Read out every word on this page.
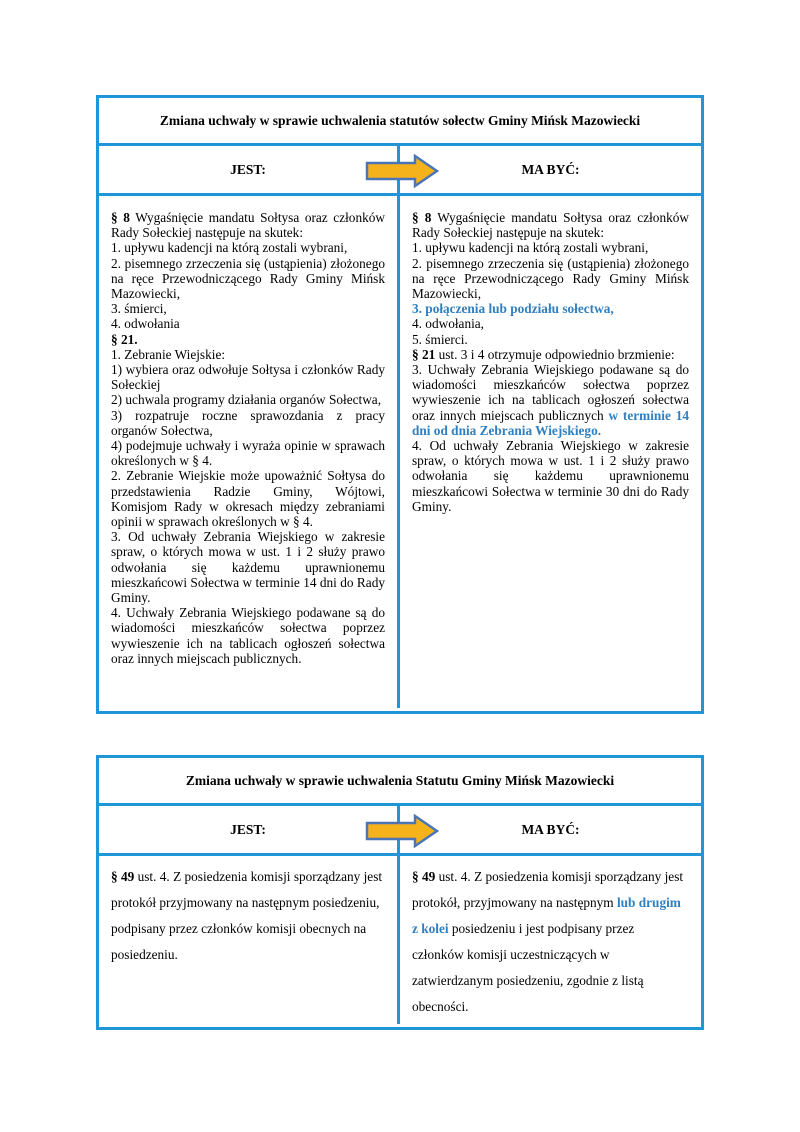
Zmiana uchwały w sprawie uchwalenia statutów sołectw Gminy Mińsk Mazowiecki
JEST:	MA BYĆ:

§ 8 Wygaśnięcie mandatu Sołtysa oraz członków Rady Sołeckiej następuje na skutek:

1. upływu kadencji na którą zostali wybrani,

2. pisemnego zrzeczenia się (ustąpienia) złożonego na ręce Przewodniczącego Rady Gminy Mińsk Mazowiecki,

3. śmierci,

4. odwołania

§ 21.

1. Zebranie Wiejskie:

1) wybiera oraz odwołuje Sołtysa i członków Rady Sołeckiej

2) uchwala programy działania organów Sołectwa,

3) rozpatruje roczne sprawozdania z pracy organów Sołectwa,

4) podejmuje uchwały i wyraża opinie w sprawach określonych w § 4.

2. Zebranie Wiejskie może upoważnić Sołtysa do przedstawienia Radzie Gminy, Wójtowi, Komisjom Rady w okresach między zebraniami opinii w sprawach określonych w § 4.

3. Od uchwały Zebrania Wiejskiego w zakresie spraw, o których mowa w ust. 1 i 2 służy prawo odwołania się każdemu uprawnionemu mieszkańcowi Sołectwa w terminie 14 dni do Rady Gminy.

4. Uchwały Zebrania Wiejskiego podawane są do wiadomości mieszkańców sołectwa poprzez wywieszenie ich na tablicach ogłoszeń sołectwa oraz innych miejscach publicznych.

§ 8 Wygaśnięcie mandatu Sołtysa oraz członków Rady Sołeckiej następuje na skutek:

1. upływu kadencji na którą zostali wybrani,

2. pisemnego zrzeczenia się (ustąpienia) złożonego na ręce Przewodniczącego Rady Gminy Mińsk Mazowiecki,

3. połączenia lub podziału sołectwa,

4. odwołania,

5. śmierci.

§ 21 ust. 3 i 4 otrzymuje odpowiednio brzmienie:

3. Uchwały Zebrania Wiejskiego podawane są do wiadomości mieszkańców sołectwa poprzez wywieszenie ich na tablicach ogłoszeń sołectwa oraz innych miejscach publicznych w terminie 14 dni od dnia Zebrania Wiejskiego.

4. Od uchwały Zebrania Wiejskiego w zakresie spraw, o których mowa w ust. 1 i 2 służy prawo odwołania się każdemu uprawnionemu mieszkańcowi Sołectwa w terminie 30 dni do Rady Gminy.

Zmiana uchwały w sprawie uchwalenia Statutu Gminy Mińsk Mazowiecki
JEST:	MA BYĆ:

§ 49 ust. 4. Z posiedzenia komisji sporządzany jest protokół przyjmowany na następnym posiedzeniu, podpisany przez członków komisji obecnych na posiedzeniu.

§ 49 ust. 4. Z posiedzenia komisji sporządzany jest protokół, przyjmowany na następnym lub drugim z kolei posiedzeniu i jest podpisany przez członków komisji uczestniczących w zatwierdzanym posiedzeniu, zgodnie z listą obecności.
